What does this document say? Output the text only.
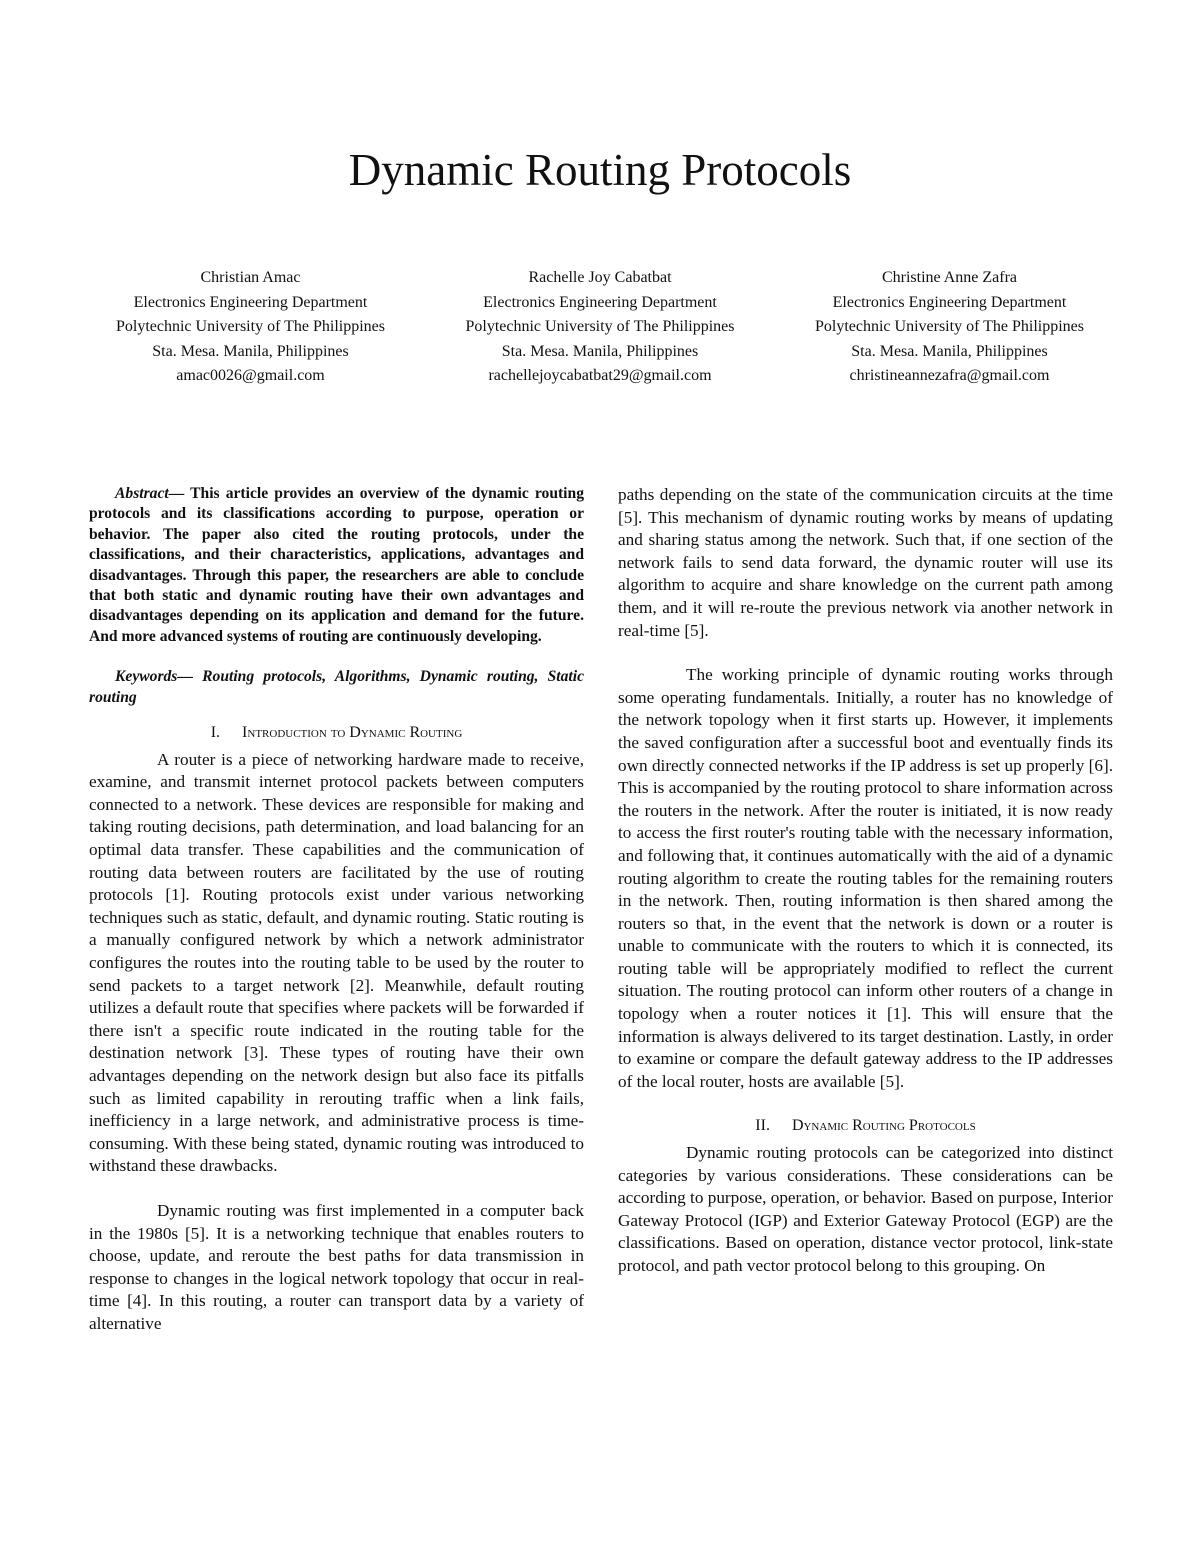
Dynamic Routing Protocols
Christian Amac
Electronics Engineering Department
Polytechnic University of The Philippines
Sta. Mesa. Manila, Philippines
amac0026@gmail.com
Rachelle Joy Cabatbat
Electronics Engineering Department
Polytechnic University of The Philippines
Sta. Mesa. Manila, Philippines
rachellejoycabatbat29@gmail.com
Christine Anne Zafra
Electronics Engineering Department
Polytechnic University of The Philippines
Sta. Mesa. Manila, Philippines
christineannezafra@gmail.com

Abstract— This article provides an overview of the dynamic routing protocols and its classifications according to purpose, operation or behavior. The paper also cited the routing protocols, under the classifications, and their characteristics, applications, advantages and disadvantages. Through this paper, the researchers are able to conclude that both static and dynamic routing have their own advantages and disadvantages depending on its application and demand for the future. And more advanced systems of routing are continuously developing.

Keywords— Routing protocols, Algorithms, Dynamic routing, Static routing

I. Introduction to Dynamic Routing

A router is a piece of networking hardware made to receive, examine, and transmit internet protocol packets between computers connected to a network. These devices are responsible for making and taking routing decisions, path determination, and load balancing for an optimal data transfer. These capabilities and the communication of routing data between routers are facilitated by the use of routing protocols [1]. Routing protocols exist under various networking techniques such as static, default, and dynamic routing. Static routing is a manually configured network by which a network administrator configures the routes into the routing table to be used by the router to send packets to a target network [2]. Meanwhile, default routing utilizes a default route that specifies where packets will be forwarded if there isn't a specific route indicated in the routing table for the destination network [3]. These types of routing have their own advantages depending on the network design but also face its pitfalls such as limited capability in rerouting traffic when a link fails, inefficiency in a large network, and administrative process is time-consuming. With these being stated, dynamic routing was introduced to withstand these drawbacks.

Dynamic routing was first implemented in a computer back in the 1980s [5]. It is a networking technique that enables routers to choose, update, and reroute the best paths for data transmission in response to changes in the logical network topology that occur in real-time [4]. In this routing, a router can transport data by a variety of alternative

paths depending on the state of the communication circuits at the time [5]. This mechanism of dynamic routing works by means of updating and sharing status among the network. Such that, if one section of the network fails to send data forward, the dynamic router will use its algorithm to acquire and share knowledge on the current path among them, and it will re-route the previous network via another network in real-time [5].

The working principle of dynamic routing works through some operating fundamentals. Initially, a router has no knowledge of the network topology when it first starts up. However, it implements the saved configuration after a successful boot and eventually finds its own directly connected networks if the IP address is set up properly [6]. This is accompanied by the routing protocol to share information across the routers in the network. After the router is initiated, it is now ready to access the first router's routing table with the necessary information, and following that, it continues automatically with the aid of a dynamic routing algorithm to create the routing tables for the remaining routers in the network. Then, routing information is then shared among the routers so that, in the event that the network is down or a router is unable to communicate with the routers to which it is connected, its routing table will be appropriately modified to reflect the current situation. The routing protocol can inform other routers of a change in topology when a router notices it [1]. This will ensure that the information is always delivered to its target destination. Lastly, in order to examine or compare the default gateway address to the IP addresses of the local router, hosts are available [5].

II. Dynamic Routing Protocols

Dynamic routing protocols can be categorized into distinct categories by various considerations. These considerations can be according to purpose, operation, or behavior. Based on purpose, Interior Gateway Protocol (IGP) and Exterior Gateway Protocol (EGP) are the classifications. Based on operation, distance vector protocol, link-state protocol, and path vector protocol belong to this grouping. On
